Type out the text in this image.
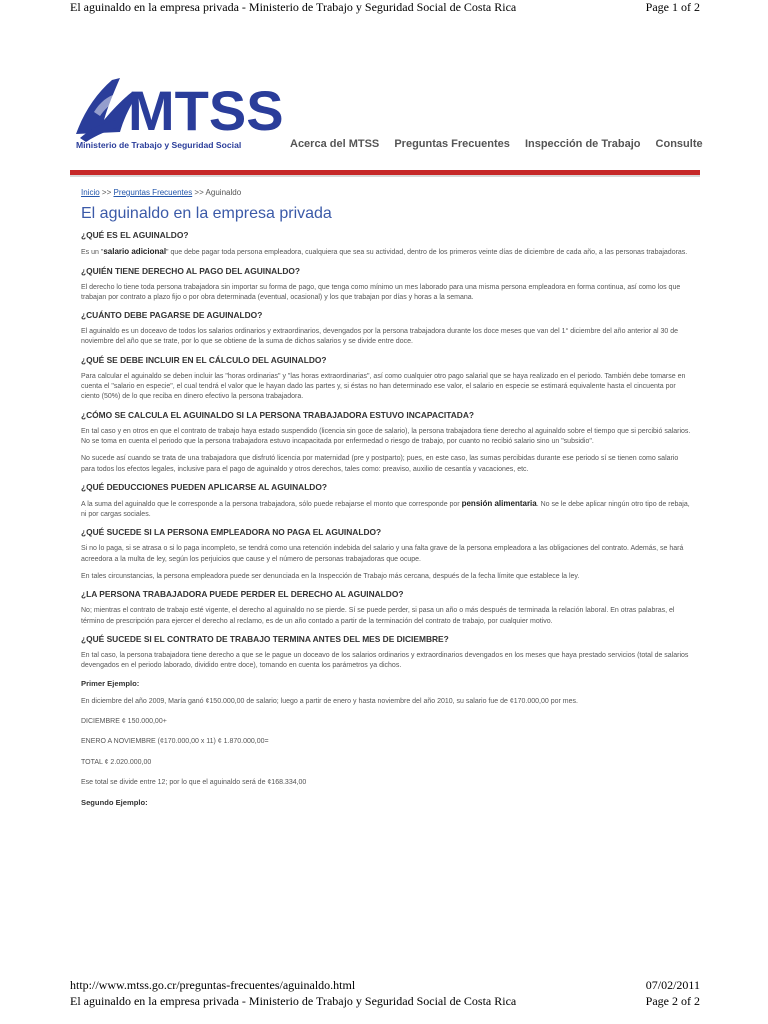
El aguinaldo en la empresa privada - Ministerio de Trabajo y Seguridad Social de Costa Rica	Page 1 of 2
MTSS
Ministerio de Trabajo y Seguridad Social	Acerca del MTSS Preguntas Frecuentes Inspección de Trabajo Consulte
Inicio >> Preguntas Frecuentes >> Aguinaldo
El aguinaldo en la empresa privada
¿QUÉ ES EL AGUINALDO?

Es un "salario adicional" que debe pagar toda persona empleadora, cualquiera que sea su actividad, dentro de los primeros veinte días de diciembre de cada año, a las personas trabajadoras.

¿QUIÉN TIENE DERECHO AL PAGO DEL AGUINALDO?

El derecho lo tiene toda persona trabajadora sin importar su forma de pago, que tenga como mínimo un mes laborado para una misma persona empleadora en forma continua, así como los que trabajan por contrato a plazo fijo o por obra determinada (eventual, ocasional) y los que trabajan por días y horas a la semana.

¿CUÁNTO DEBE PAGARSE DE AGUINALDO?

El aguinaldo es un doceavo de todos los salarios ordinarios y extraordinarios, devengados por la persona trabajadora durante los doce meses que van del 1° diciembre del año anterior al 30 de noviembre del año que se trate, por lo que se obtiene de la suma de dichos salarios y se divide entre doce.

¿QUÉ SE DEBE INCLUIR EN EL CÁLCULO DEL AGUINALDO?

Para calcular el aguinaldo se deben incluir las "horas ordinarias" y "las horas extraordinarias", así como cualquier otro pago salarial que se haya realizado en el periodo. También debe tomarse en cuenta el "salario en especie", el cual tendrá el valor que le hayan dado las partes y, si éstas no han determinado ese valor, el salario en especie se estimará equivalente hasta el cincuenta por ciento (50%) de lo que reciba en dinero efectivo la persona trabajadora.

¿CÓMO SE CALCULA EL AGUINALDO SI LA PERSONA TRABAJADORA ESTUVO INCAPACITADA?

En tal caso y en otros en que el contrato de trabajo haya estado suspendido (licencia sin goce de salario), la persona trabajadora tiene derecho al aguinaldo sobre el tiempo que si percibió salarios. No se toma en cuenta el periodo que la persona trabajadora estuvo incapacitada por enfermedad o riesgo de trabajo, por cuanto no recibió salario sino un "subsidio".

No sucede así cuando se trata de una trabajadora que disfrutó licencia por maternidad (pre y postparto); pues, en este caso, las sumas percibidas durante ese periodo sí se tienen como salario para todos los efectos legales, inclusive para el pago de aguinaldo y otros derechos, tales como: preaviso, auxilio de cesantía y vacaciones, etc.

¿QUÉ DEDUCCIONES PUEDEN APLICARSE AL AGUINALDO?

A la suma del aguinaldo que le corresponde a la persona trabajadora, sólo puede rebajarse el monto que corresponde por pensión alimentaria. No se le debe aplicar ningún otro tipo de rebaja, ni por cargas sociales.

¿QUÉ SUCEDE SI LA PERSONA EMPLEADORA NO PAGA EL AGUINALDO?

Si no lo paga, si se atrasa o si lo paga incompleto, se tendrá como una retención indebida del salario y una falta grave de la persona empleadora a las obligaciones del contrato. Además, se hará acreedora a la multa de ley, según los perjuicios que cause y el número de personas trabajadoras que ocupe.

En tales circunstancias, la persona empleadora puede ser denunciada en la Inspección de Trabajo más cercana, después de la fecha límite que establece la ley.

¿LA PERSONA TRABAJADORA PUEDE PERDER EL DERECHO AL AGUINALDO?

No; mientras el contrato de trabajo esté vigente, el derecho al aguinaldo no se pierde. Sí se puede perder, si pasa un año o más después de terminada la relación laboral. En otras palabras, el término de prescripción para ejercer el derecho al reclamo, es de un año contado a partir de la terminación del contrato de trabajo, por cualquier motivo.

¿QUÉ SUCEDE SI EL CONTRATO DE TRABAJO TERMINA ANTES DEL MES DE DICIEMBRE?

En tal caso, la persona trabajadora tiene derecho a que se le pague un doceavo de los salarios ordinarios y extraordinarios devengados en los meses que haya prestado servicios (total de salarios devengados en el periodo laborado, dividido entre doce), tomando en cuenta los parámetros ya dichos.

Primer Ejemplo:

En diciembre del año 2009, María ganó ¢150.000,00 de salario; luego a partir de enero y hasta noviembre del año 2010, su salario fue de ¢170.000,00 por mes.

DICIEMBRE ¢ 150.000,00+

ENERO A NOVIEMBRE (¢170.000,00 x 11) ¢ 1.870.000,00=

TOTAL ¢ 2.020.000,00

Ese total se divide entre 12; por lo que el aguinaldo será de ¢168.334,00

Segundo Ejemplo:
http://www.mtss.go.cr/preguntas-frecuentes/aguinaldo.html	07/02/2011
El aguinaldo en la empresa privada - Ministerio de Trabajo y Seguridad Social de Costa Rica	Page 2 of 2
